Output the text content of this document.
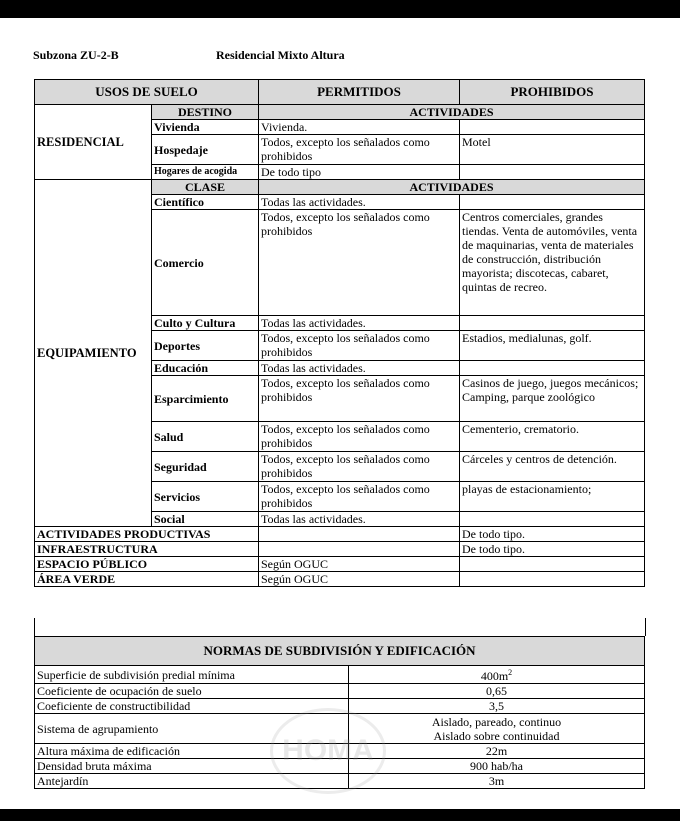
Subzona ZU-2-B	Residencial Mixto Altura
USOS DE SUELO		PERMITIDOS	PROHIBIDOS
RESIDENCIAL	DESTINO	ACTIVIDADES	
	Vivienda	Vivienda.	
	Hospedaje	Todos, excepto los señalados como prohibidos	Motel
	Hogares de acogida	De todo tipo	
EQUIPAMIENTO	CLASE	ACTIVIDADES	
	Científico	Todas las actividades.	
	Comercio	Todos, excepto los señalados como prohibidos	Centros comerciales, grandes tiendas. Venta de automóviles, venta de maquinarias, venta de materiales de construcción, distribución mayorista; discotecas, cabaret, quintas de recreo.
	Culto y Cultura	Todas las actividades.	
	Deportes	Todos, excepto los señalados como prohibidos	Estadios, medialunas, golf.
	Educación	Todas las actividades.	
	Esparcimiento	Todos, excepto los señalados como prohibidos	Casinos de juego, juegos mecánicos; Camping, parque zoológico
	Salud	Todos, excepto los señalados como prohibidos	Cementerio, crematorio.
	Seguridad	Todos, excepto los señalados como prohibidos	Cárceles y centros de detención.
	Servicios	Todos, excepto los señalados como prohibidos	playas de estacionamiento;
	Social	Todas las actividades.	
ACTIVIDADES PRODUCTIVAS			De todo tipo.
INFRAESTRUCTURA			De todo tipo.
ESPACIO PÚBLICO		Según OGUC	
ÁREA VERDE		Según OGUC	
NORMAS DE SUBDIVISIÓN Y EDIFICACIÓN	
Superficie de subdivisión predial mínima	$400m^2$
Coeficiente de ocupación de suelo	0,65
Coeficiente de constructibilidad	3,5
Sistema de agrupamiento	Aislado, pareado, continuo
Aislado sobre continuidad

Altura máxima de edificación	22m
Densidad bruta máxima	900 hab/ha
Antejardín	3m
HOMA
